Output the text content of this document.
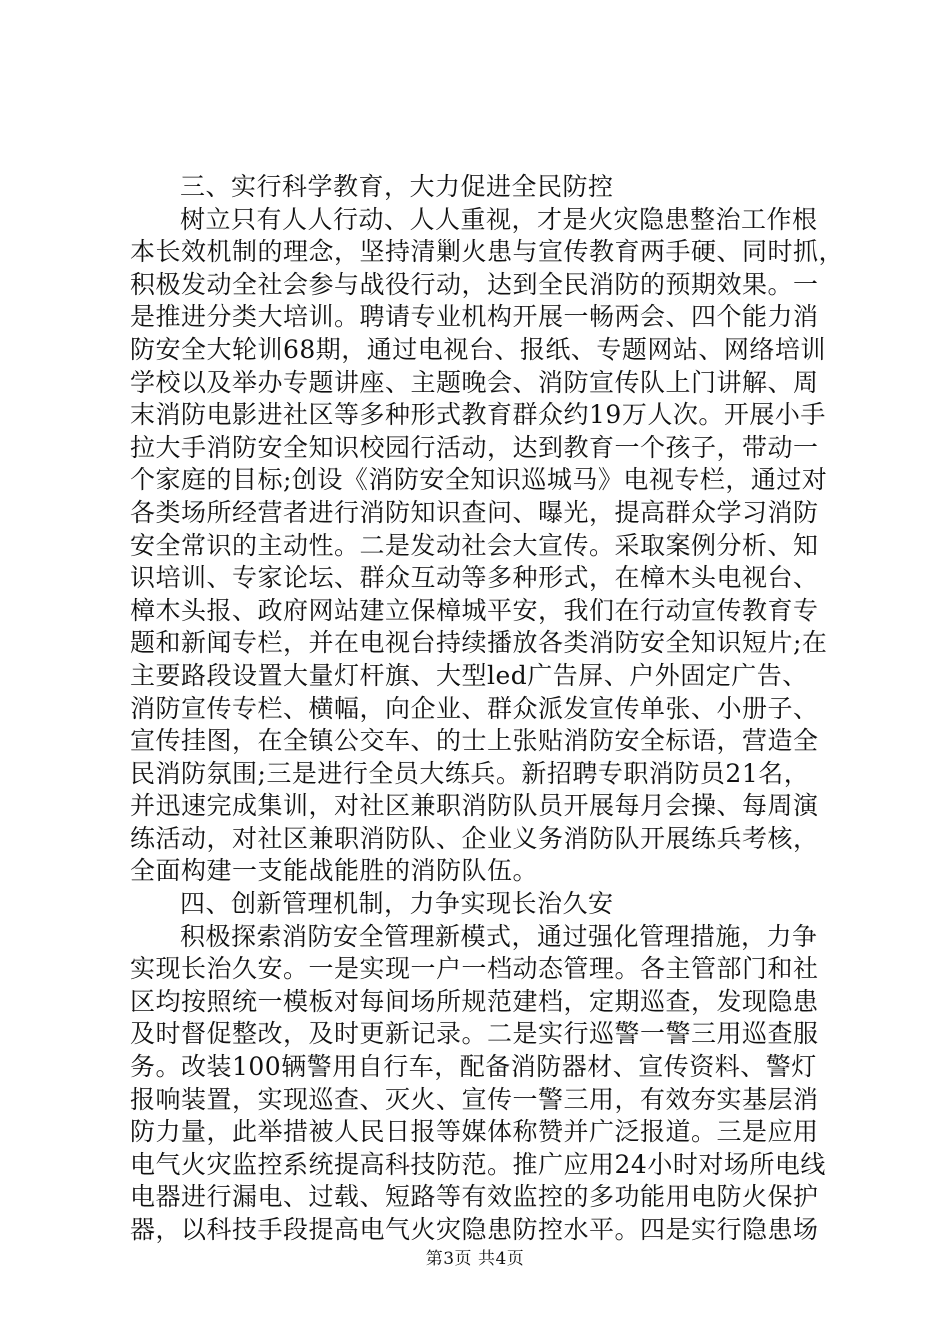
三、实行科学教育，大力促进全民防控
树立只有人人行动、人人重视，才是火灾隐患整治工作根
本长效机制的理念，坚持清剿火患与宣传教育两手硬、同时抓，
积极发动全社会参与战役行动，达到全民消防的预期效果。一
是推进分类大培训。聘请专业机构开展一畅两会、四个能力消
防安全大轮训68期，通过电视台、报纸、专题网站、网络培训
学校以及举办专题讲座、主题晚会、消防宣传队上门讲解、周
末消防电影进社区等多种形式教育群众约19万人次。开展小手
拉大手消防安全知识校园行活动，达到教育一个孩子，带动一
个家庭的目标;创设《消防安全知识巡城马》电视专栏，通过对
各类场所经营者进行消防知识查问、曝光，提高群众学习消防
安全常识的主动性。二是发动社会大宣传。采取案例分析、知
识培训、专家论坛、群众互动等多种形式，在樟木头电视台、
樟木头报、政府网站建立保樟城平安，我们在行动宣传教育专
题和新闻专栏，并在电视台持续播放各类消防安全知识短片;在
主要路段设置大量灯杆旗、大型led广告屏、户外固定广告、
消防宣传专栏、横幅，向企业、群众派发宣传单张、小册子、
宣传挂图，在全镇公交车、的士上张贴消防安全标语，营造全
民消防氛围;三是进行全员大练兵。新招聘专职消防员21名，
并迅速完成集训，对社区兼职消防队员开展每月会操、每周演
练活动，对社区兼职消防队、企业义务消防队开展练兵考核，
全面构建一支能战能胜的消防队伍。
四、创新管理机制，力争实现长治久安
积极探索消防安全管理新模式，通过强化管理措施，力争
实现长治久安。一是实现一户一档动态管理。各主管部门和社
区均按照统一模板对每间场所规范建档，定期巡查，发现隐患
及时督促整改，及时更新记录。二是实行巡警一警三用巡查服
务。改装100辆警用自行车，配备消防器材、宣传资料、警灯
报响装置，实现巡查、灭火、宣传一警三用，有效夯实基层消
防力量，此举措被人民日报等媒体称赞并广泛报道。三是应用
电气火灾监控系统提高科技防范。推广应用24小时对场所电线
电器进行漏电、过载、短路等有效监控的多功能用电防火保护
器，以科技手段提高电气火灾隐患防控水平。四是实行隐患场
第3页 共4页
